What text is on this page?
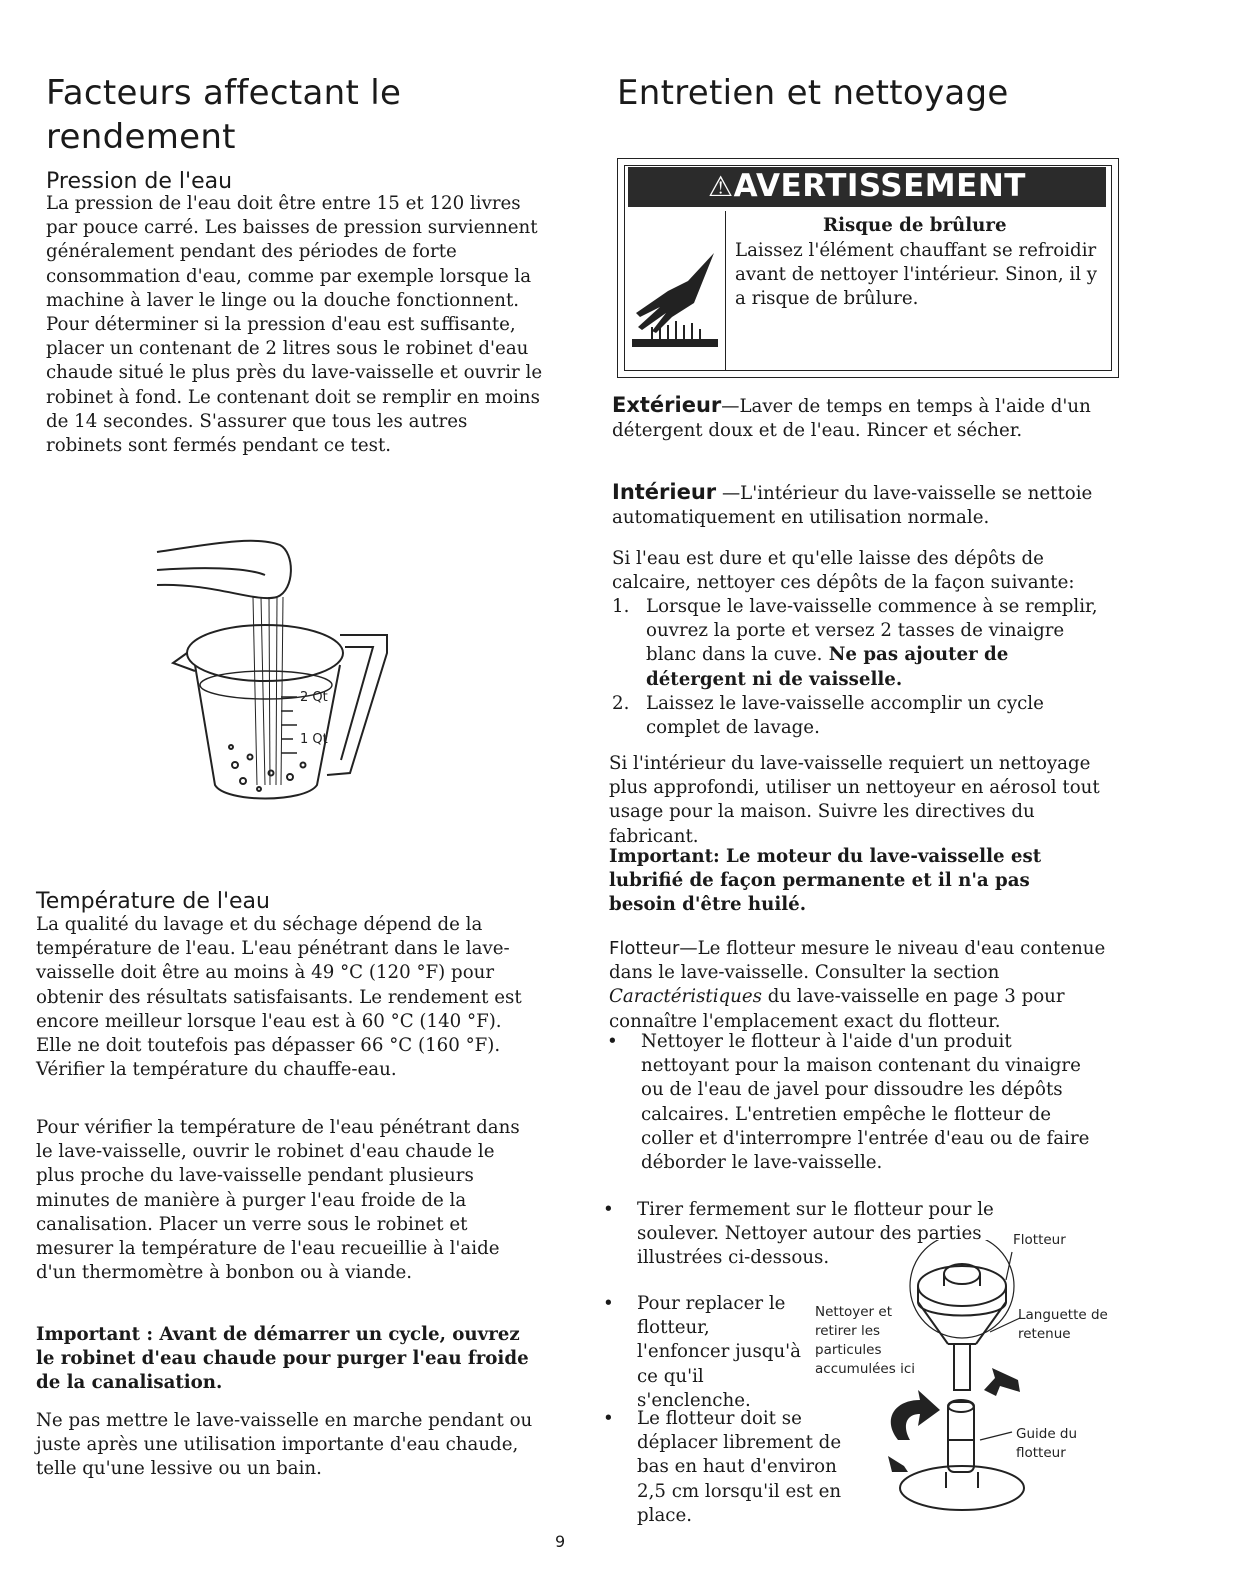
Facteurs affectant le rendement
Pression de l'eau

La pression de l'eau doit être entre 15 et 120 livres par pouce carré. Les baisses de pression surviennent généralement pendant des périodes de forte consommation d'eau, comme par exemple lorsque la machine à laver le linge ou la douche fonctionnent. Pour déterminer si la pression d'eau est suffisante, placer un contenant de 2 litres sous le robinet d'eau chaude situé le plus près du lave-vaisselle et ouvrir le robinet à fond. Le contenant doit se remplir en moins de 14 secondes. S'assurer que tous les autres robinets sont fermés pendant ce test.

2 Qt
1 Qt
Température de l'eau

La qualité du lavage et du séchage dépend de la température de l'eau. L'eau pénétrant dans le lave-vaisselle doit être au moins à 49 °C (120 °F) pour obtenir des résultats satisfaisants. Le rendement est encore meilleur lorsque l'eau est à 60 °C (140 °F). Elle ne doit toutefois pas dépasser 66 °C (160 °F). Vérifier la température du chauffe-eau.

Pour vérifier la température de l'eau pénétrant dans le lave-vaisselle, ouvrir le robinet d'eau chaude le plus proche du lave-vaisselle pendant plusieurs minutes de manière à purger l'eau froide de la canalisation. Placer un verre sous le robinet et mesurer la température de l'eau recueillie à l'aide d'un thermomètre à bonbon ou à viande.

Important : Avant de démarrer un cycle, ouvrez le robinet d'eau chaude pour purger l'eau froide de la canalisation.

Ne pas mettre le lave-vaisselle en marche pendant ou juste après une utilisation importante d'eau chaude, telle qu'une lessive ou un bain.

Entretien et nettoyage
⚠AVERTISSEMENT

Risque de brûlure

Laissez l'élément chauffant se refroidir avant de nettoyer l'intérieur. Sinon, il y a risque de brûlure.

Extérieur—Laver de temps en temps à l'aide d'un détergent doux et de l'eau. Rincer et sécher.

Intérieur —L'intérieur du lave-vaisselle se nettoie automatiquement en utilisation normale.

Si l'eau est dure et qu'elle laisse des dépôts de calcaire, nettoyer ces dépôts de la façon suivante:

1. Lorsque le lave-vaisselle commence à se remplir, ouvrez la porte et versez 2 tasses de vinaigre blanc dans la cuve. Ne pas ajouter de détergent ni de vaisselle.
2. Laissez le lave-vaisselle accomplir un cycle complet de lavage.

Si l'intérieur du lave-vaisselle requiert un nettoyage plus approfondi, utiliser un nettoyeur en aérosol tout usage pour la maison. Suivre les directives du fabricant.

Important: Le moteur du lave-vaisselle est lubrifié de façon permanente et il n'a pas besoin d'être huilé.

Flotteur—Le flotteur mesure le niveau d'eau contenue dans le lave-vaisselle. Consulter la section Caractéristiques du lave-vaisselle en page 3 pour connaître l'emplacement exact du flotteur.

• Nettoyer le flotteur à l'aide d'un produit nettoyant pour la maison contenant du vinaigre ou de l'eau de javel pour dissoudre les dépôts calcaires. L'entretien empêche le flotteur de coller et d'interrompre l'entrée d'eau ou de faire déborder le lave-vaisselle.
• Tirer fermement sur le flotteur pour le soulever. Nettoyer autour des parties illustrées ci-dessous.
• Pour replacer le flotteur, l'enfoncer jusqu'à ce qu'il s'enclenche.
• Le flotteur doit se déplacer librement de bas en haut d'environ 2,5 cm lorsqu'il est en place.
Flotteur
Nettoyer et retirer les particules accumulées ici
Languette de retenue
Guide du flotteur
9
